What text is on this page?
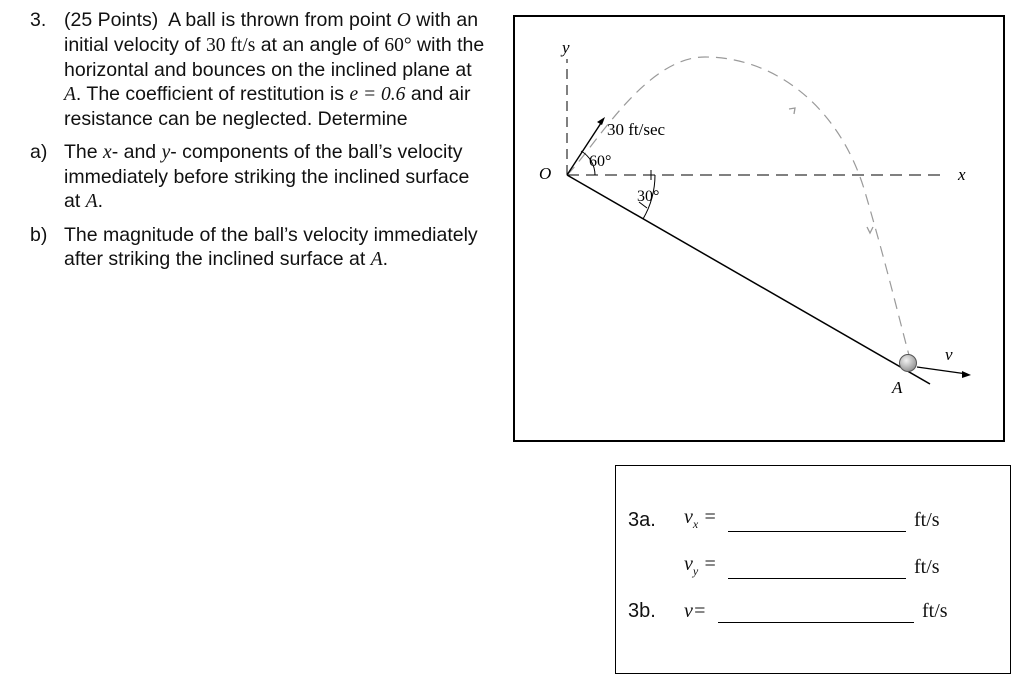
3. (25 Points) A ball is thrown from point O with an initial velocity of 30 ft/s at an angle of 60° with the horizontal and bounces on the inclined plane at A. The coefficient of restitution is e = 0.6 and air resistance can be neglected. Determine
a) The x- and y- components of the ball’s velocity immediately before striking the inclined surface at A.
b) The magnitude of the ball’s velocity immediately after striking the inclined surface at A.
y
x
O
30 ft/sec
60°
30°
v
A
3a.	$v_x$ =	ft/s
$v_y$ =	ft/s
3b.	v=	ft/s
